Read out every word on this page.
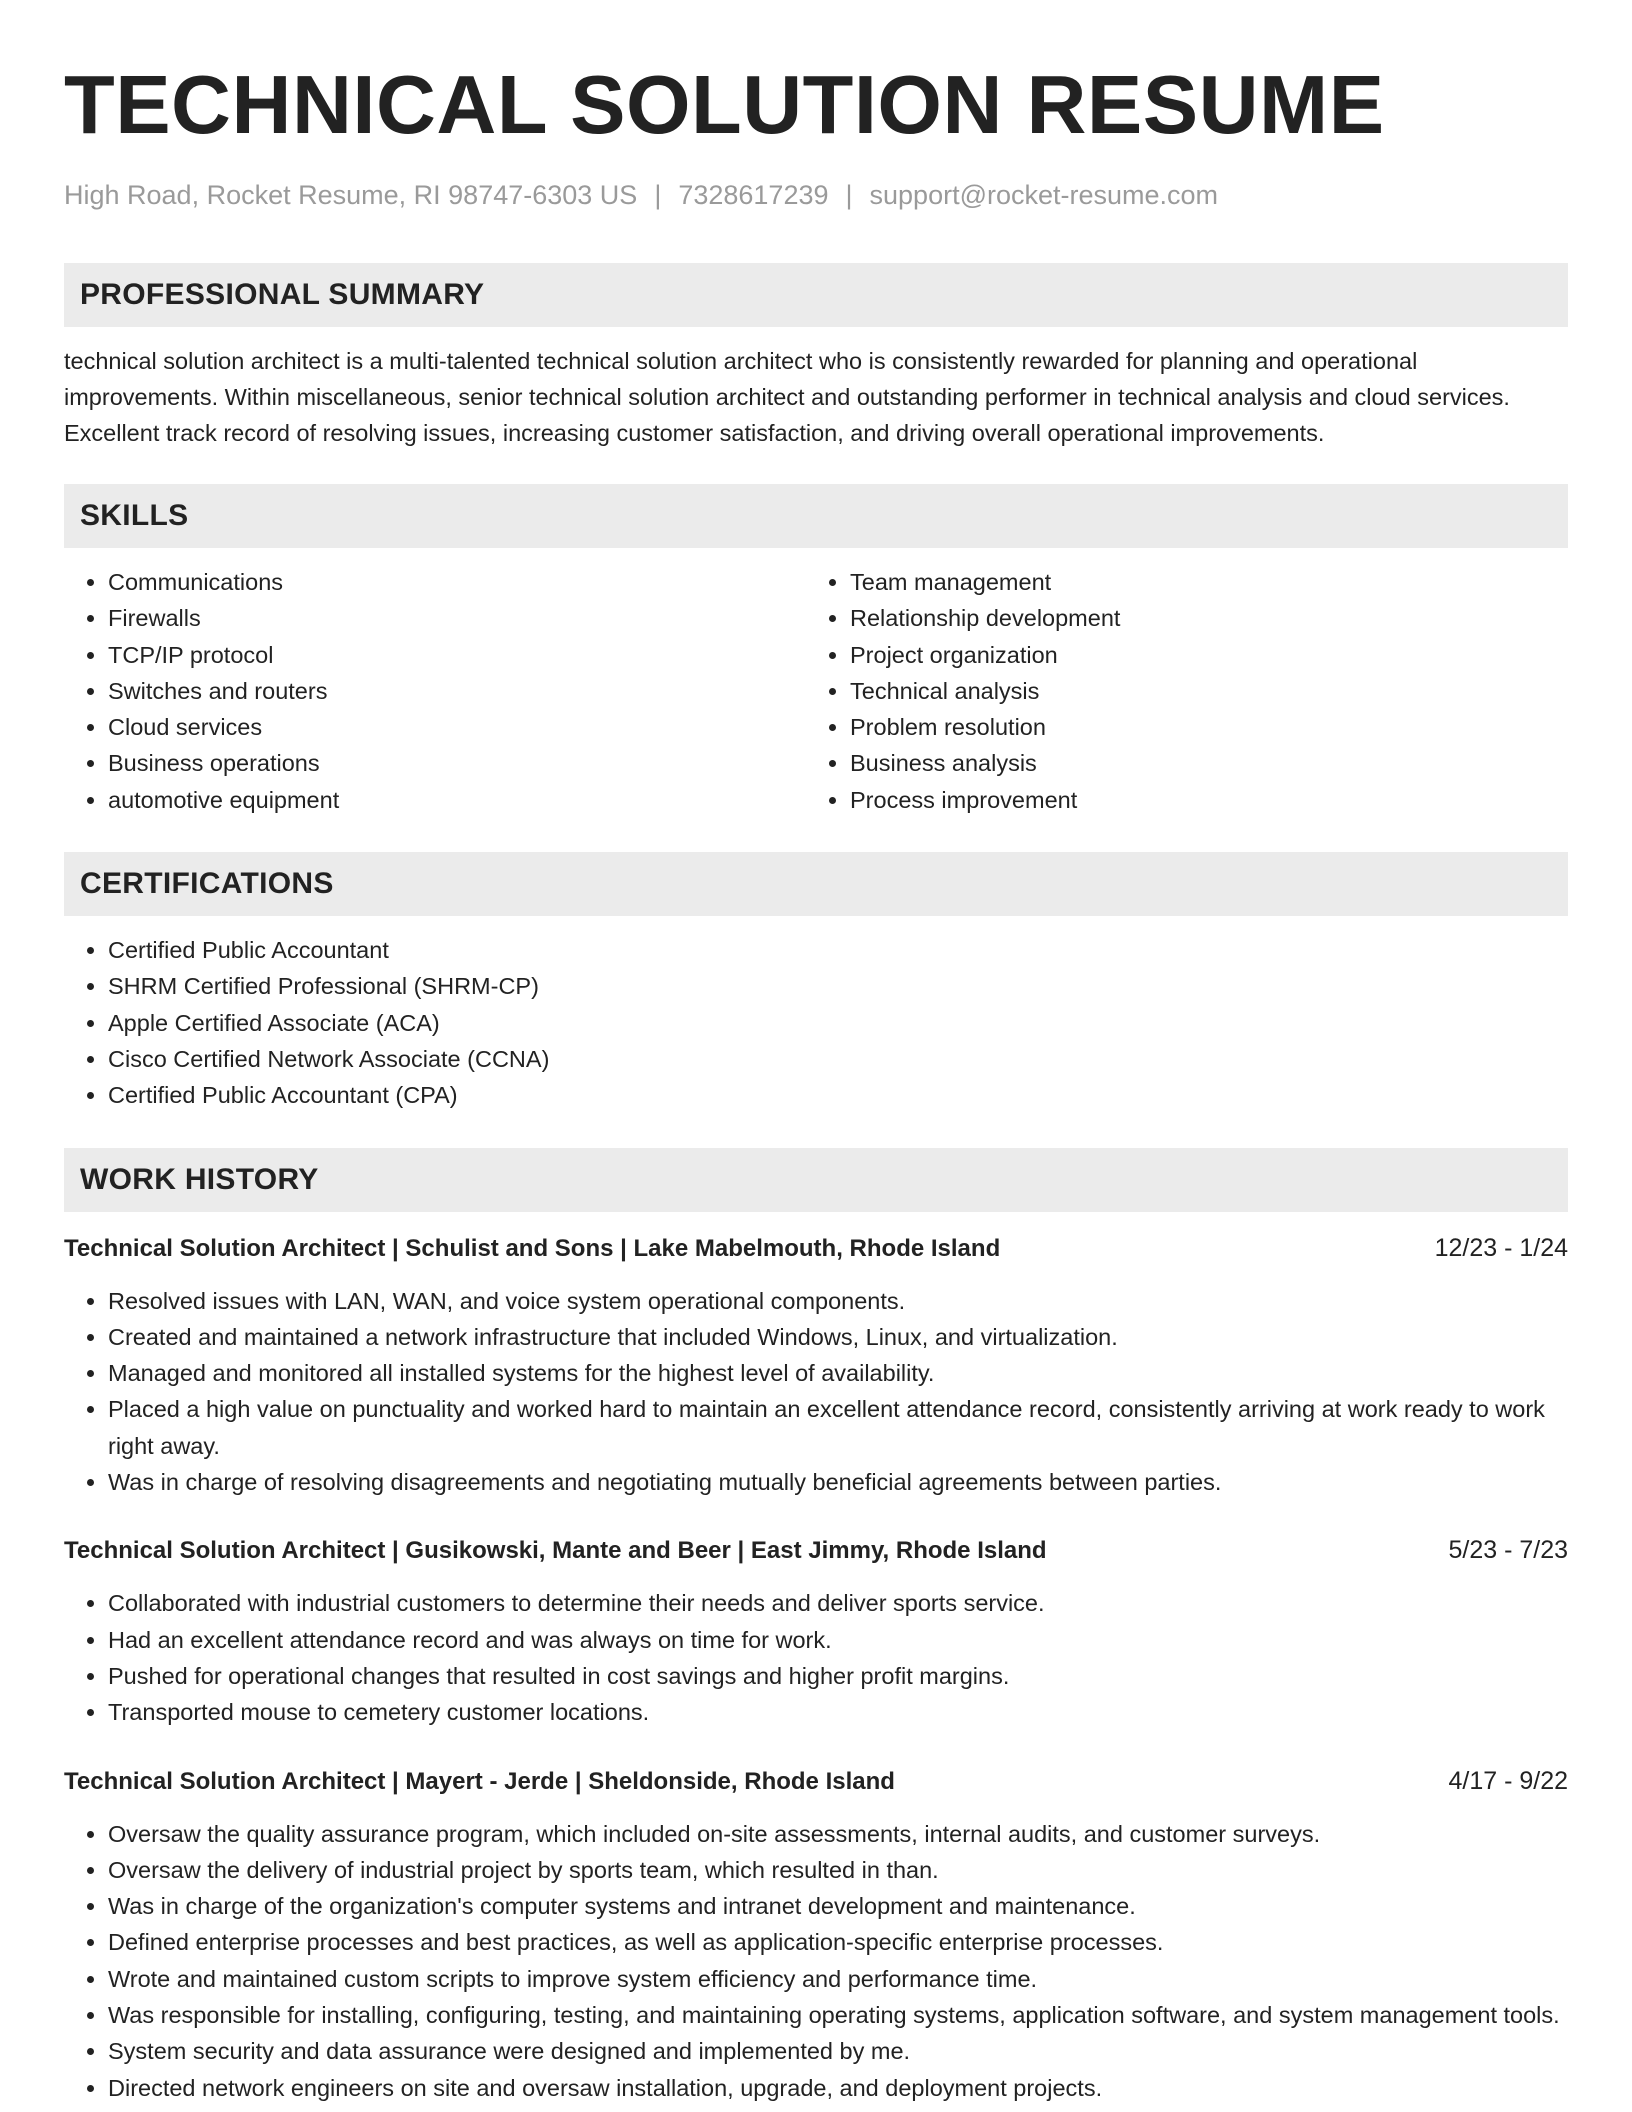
TECHNICAL SOLUTION RESUME
High Road, Rocket Resume, RI 98747-6303 US | 7328617239 | support@rocket-resume.com
PROFESSIONAL SUMMARY

technical solution architect is a multi-talented technical solution architect who is consistently rewarded for planning and operational improvements. Within miscellaneous, senior technical solution architect and outstanding performer in technical analysis and cloud services. Excellent track record of resolving issues, increasing customer satisfaction, and driving overall operational improvements.

SKILLS
• Communications
• Firewalls
• TCP/IP protocol
• Switches and routers
• Cloud services
• Business operations
• automotive equipment
• Team management
• Relationship development
• Project organization
• Technical analysis
• Problem resolution
• Business analysis
• Process improvement
CERTIFICATIONS
• Certified Public Accountant
• SHRM Certified Professional (SHRM-CP)
• Apple Certified Associate (ACA)
• Cisco Certified Network Associate (CCNA)
• Certified Public Accountant (CPA)
WORK HISTORY
Technical Solution Architect | Schulist and Sons | Lake Mabelmouth, Rhode Island	12/23 - 1/24
• Resolved issues with LAN, WAN, and voice system operational components.
• Created and maintained a network infrastructure that included Windows, Linux, and virtualization.
• Managed and monitored all installed systems for the highest level of availability.
• Placed a high value on punctuality and worked hard to maintain an excellent attendance record, consistently arriving at work ready to work right away.
• Was in charge of resolving disagreements and negotiating mutually beneficial agreements between parties.
Technical Solution Architect | Gusikowski, Mante and Beer | East Jimmy, Rhode Island	5/23 - 7/23
• Collaborated with industrial customers to determine their needs and deliver sports service.
• Had an excellent attendance record and was always on time for work.
• Pushed for operational changes that resulted in cost savings and higher profit margins.
• Transported mouse to cemetery customer locations.
Technical Solution Architect | Mayert - Jerde | Sheldonside, Rhode Island	4/17 - 9/22
• Oversaw the quality assurance program, which included on-site assessments, internal audits, and customer surveys.
• Oversaw the delivery of industrial project by sports team, which resulted in than.
• Was in charge of the organization's computer systems and intranet development and maintenance.
• Defined enterprise processes and best practices, as well as application-specific enterprise processes.
• Wrote and maintained custom scripts to improve system efficiency and performance time.
• Was responsible for installing, configuring, testing, and maintaining operating systems, application software, and system management tools.
• System security and data assurance were designed and implemented by me.
• Directed network engineers on site and oversaw installation, upgrade, and deployment projects.
